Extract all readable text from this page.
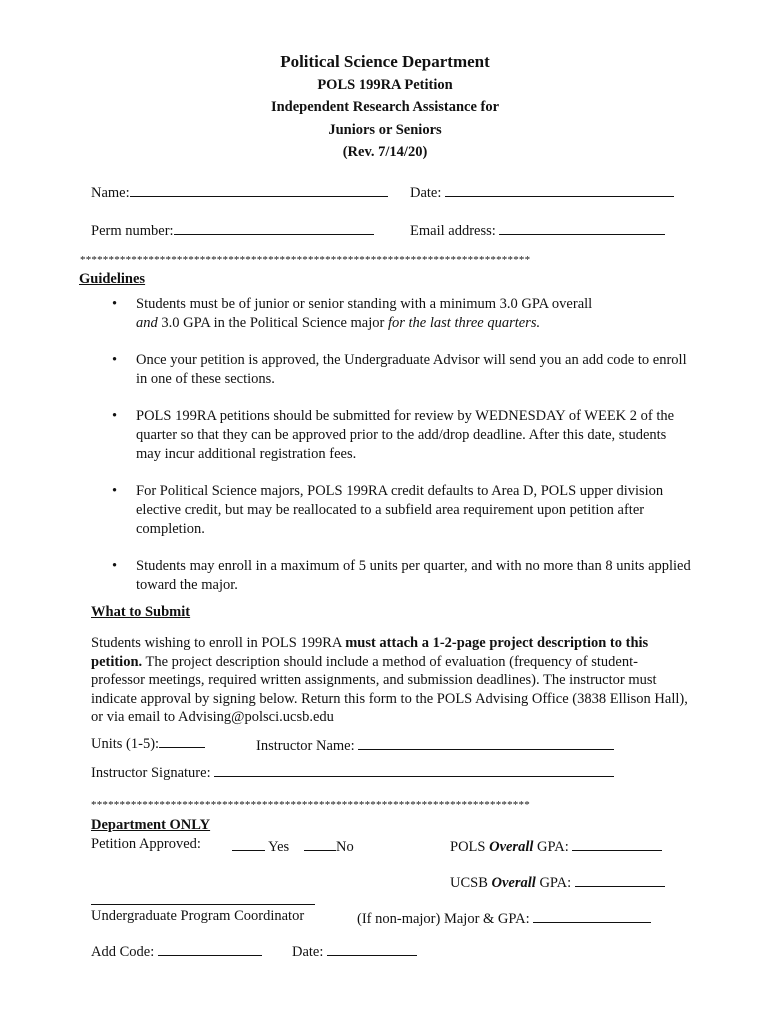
Political Science Department
POLS 199RA Petition
Independent Research Assistance for
Juniors or Seniors
(Rev. 7/14/20)
Name:	Date:
Perm number:	Email address:
*******************************************************************************
Guidelines
• Students must be of junior or senior standing with a minimum 3.0 GPA overall
and 3.0 GPA in the Political Science major for the last three quarters.
• Once your petition is approved, the Undergraduate Advisor will send you an add code to enroll in one of these sections.
• POLS 199RA petitions should be submitted for review by WEDNESDAY of WEEK 2 of the quarter so that they can be approved prior to the add/drop deadline. After this date, students may incur additional registration fees.
• For Political Science majors, POLS 199RA credit defaults to Area D, POLS upper division elective credit, but may be reallocated to a subfield area requirement upon petition after completion.
• Students may enroll in a maximum of 5 units per quarter, and with no more than 8 units applied toward the major.
What to Submit
Students wishing to enroll in POLS 199RA must attach a 1-2-page project description to this petition. The project description should include a method of evaluation (frequency of student-professor meetings, required written assignments, and submission deadlines). The instructor must indicate approval by signing below. Return this form to the POLS Advising Office (3838 Ellison Hall), or via email to Advising@polsci.ucsb.edu
Units (1-5):	Instructor Name:
Instructor Signature:
*****************************************************************************
Department ONLY
Petition Approved:	Yes	No	POLS Overall GPA:
UCSB Overall GPA:
Undergraduate Program Coordinator	(If non-major) Major & GPA:
Add Code:	Date:
